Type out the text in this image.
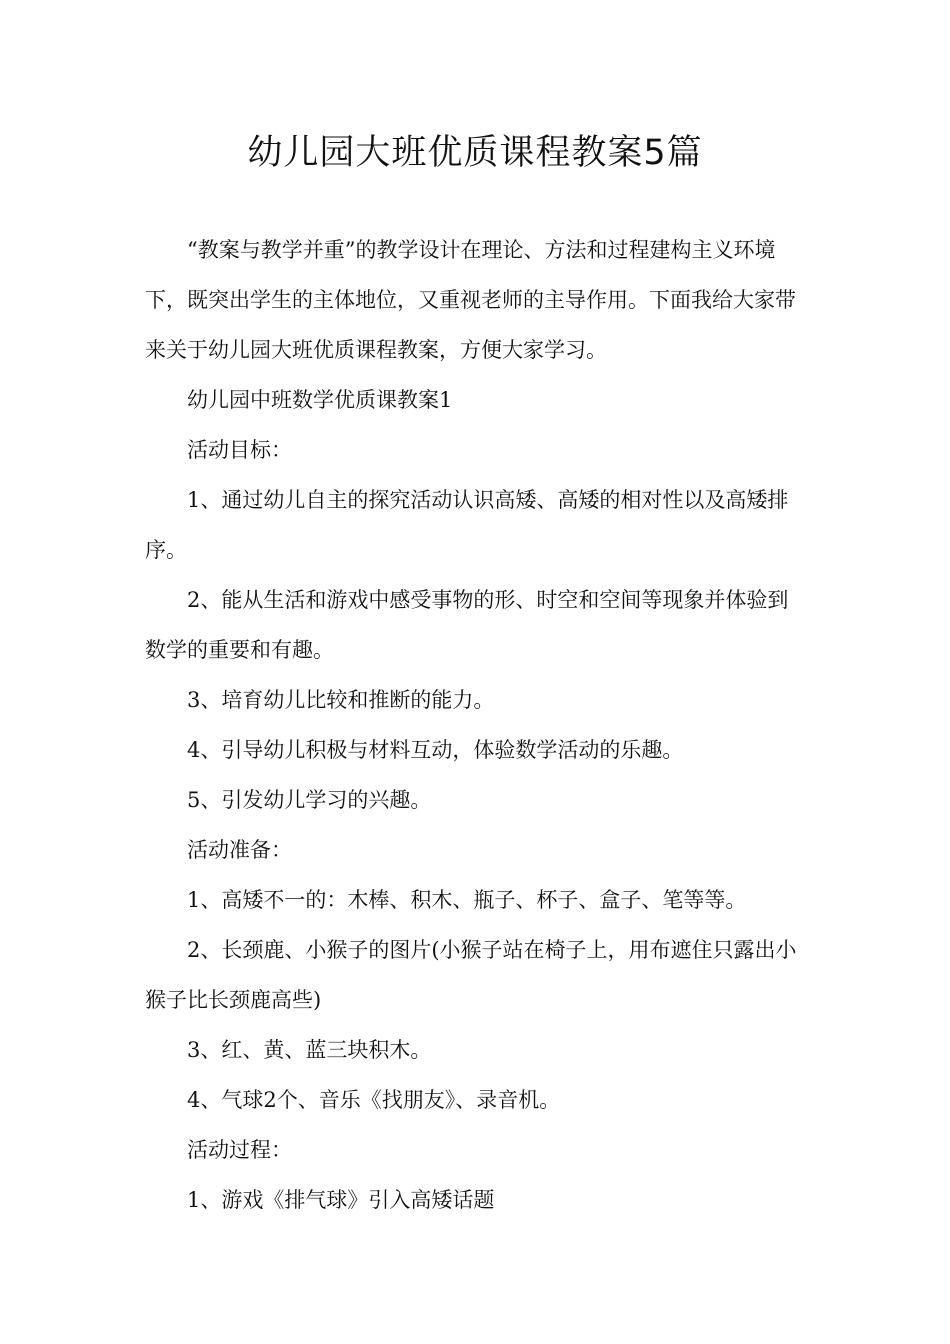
幼儿园大班优质课程教案5篇

“教案与教学并重”的教学设计在理论、方法和过程建构主义环境下，既突出学生的主体地位，又重视老师的主导作用。下面我给大家带来关于幼儿园大班优质课程教案，方便大家学习。

幼儿园中班数学优质课教案1

活动目标：

1、通过幼儿自主的探究活动认识高矮、高矮的相对性以及高矮排序。

2、能从生活和游戏中感受事物的形、时空和空间等现象并体验到数学的重要和有趣。

3、培育幼儿比较和推断的能力。

4、引导幼儿积极与材料互动，体验数学活动的乐趣。

5、引发幼儿学习的兴趣。

活动准备：

1、高矮不一的：木棒、积木、瓶子、杯子、盒子、笔等等。

2、长颈鹿、小猴子的图片(小猴子站在椅子上，用布遮住只露出小猴子比长颈鹿高些)

3、红、黄、蓝三块积木。

4、气球2个、音乐《找朋友》、录音机。

活动过程：

1、游戏《排气球》引入高矮话题
